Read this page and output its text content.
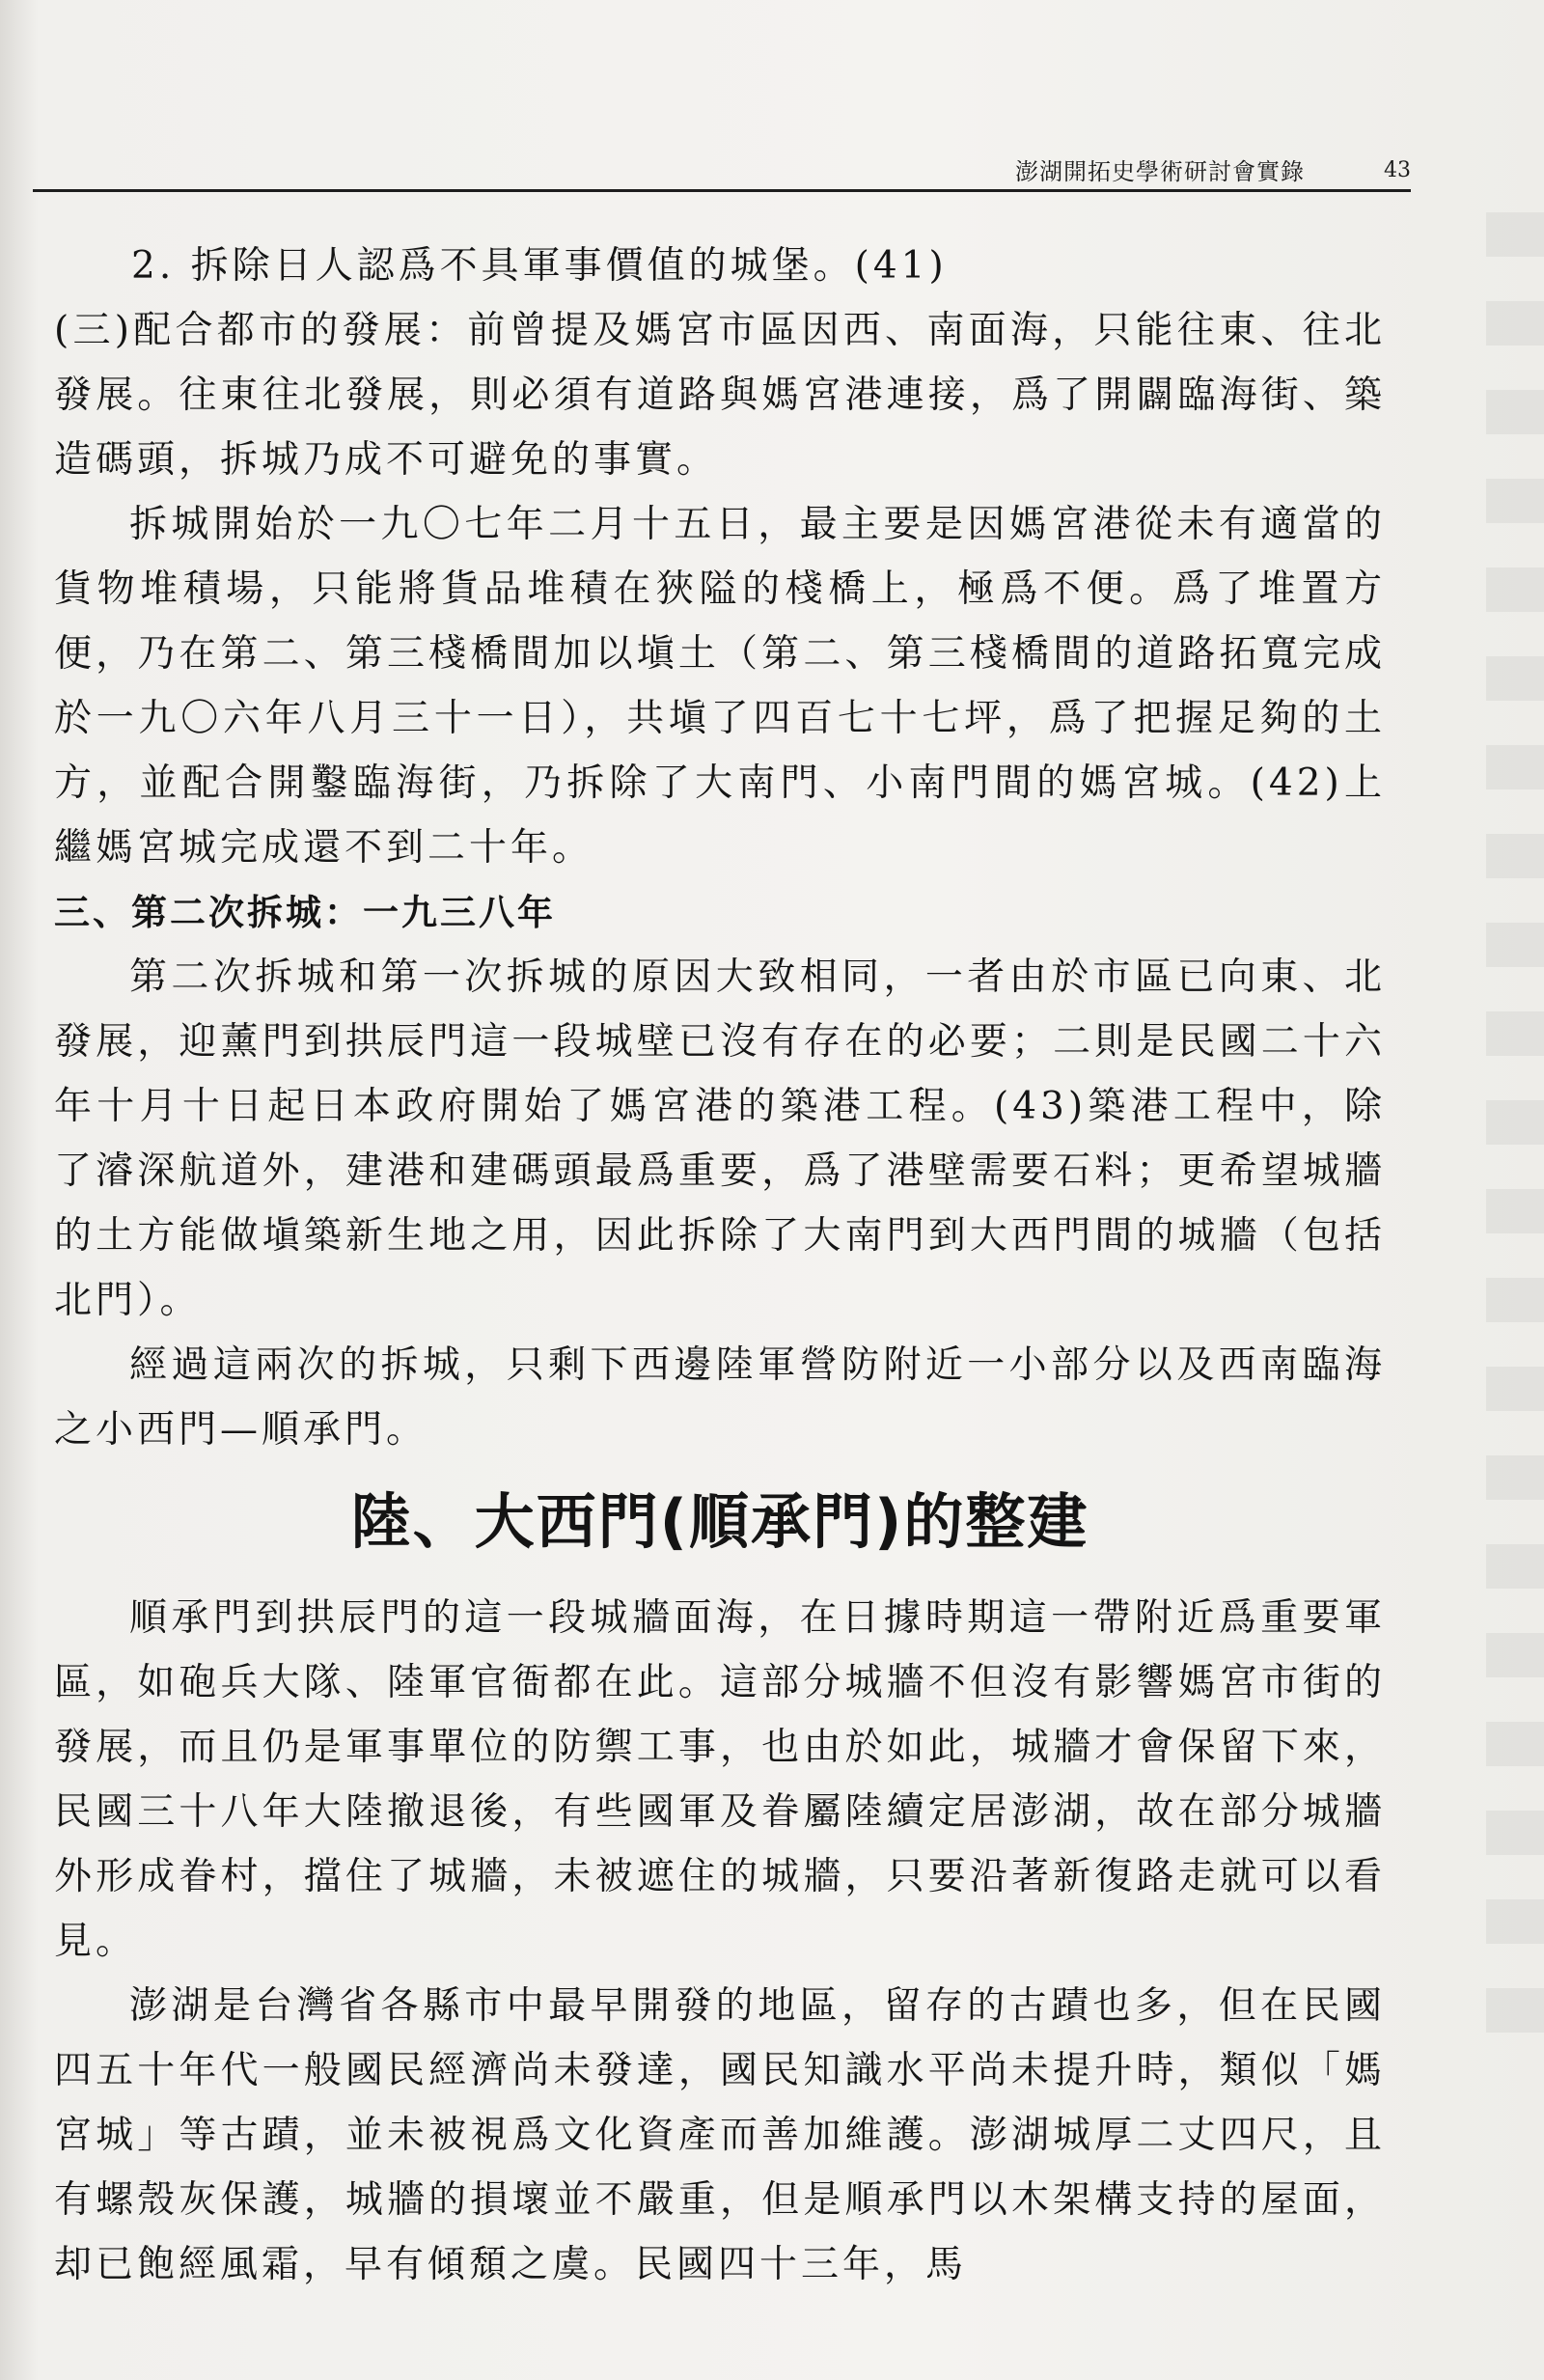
澎湖開拓史學術研討會實錄	43

2. 拆除日人認爲不具軍事價值的城堡。(41)

(三)配合都市的發展：前曾提及媽宮市區因西、南面海，只能往東、往北發展。往東往北發展，則必須有道路與媽宮港連接，爲了開闢臨海街、築造碼頭，拆城乃成不可避免的事實。

拆城開始於一九〇七年二月十五日，最主要是因媽宮港從未有適當的貨物堆積場，只能將貨品堆積在狹隘的棧橋上，極爲不便。爲了堆置方便，乃在第二、第三棧橋間加以塡土（第二、第三棧橋間的道路拓寬完成於一九〇六年八月三十一日），共塡了四百七十七坪，爲了把握足夠的土方，並配合開鑿臨海街，乃拆除了大南門、小南門間的媽宮城。(42)上繼媽宮城完成還不到二十年。

三、第二次拆城：一九三八年

第二次拆城和第一次拆城的原因大致相同，一者由於市區已向東、北發展，迎薰門到拱辰門這一段城壁已沒有存在的必要；二則是民國二十六年十月十日起日本政府開始了媽宮港的築港工程。(43)築港工程中，除了濬深航道外，建港和建碼頭最爲重要，爲了港壁需要石料；更希望城牆的土方能做塡築新生地之用，因此拆除了大南門到大西門間的城牆（包括北門）。

經過這兩次的拆城，只剩下西邊陸軍營防附近一小部分以及西南臨海之小西門—順承門。

陸、大西門(順承門)的整建

順承門到拱辰門的這一段城牆面海，在日據時期這一帶附近爲重要軍區，如砲兵大隊、陸軍官衙都在此。這部分城牆不但沒有影響媽宮市街的發展，而且仍是軍事單位的防禦工事，也由於如此，城牆才會保留下來，民國三十八年大陸撤退後，有些國軍及眷屬陸續定居澎湖，故在部分城牆外形成眷村，擋住了城牆，未被遮住的城牆，只要沿著新復路走就可以看見。

澎湖是台灣省各縣市中最早開發的地區，留存的古蹟也多，但在民國四五十年代一般國民經濟尚未發達，國民知識水平尚未提升時，類似「媽宮城」等古蹟，並未被視爲文化資產而善加維護。澎湖城厚二丈四尺，且有螺殼灰保護，城牆的損壞並不嚴重，但是順承門以木架構支持的屋面，却已飽經風霜，早有傾頹之虞。民國四十三年，馬
